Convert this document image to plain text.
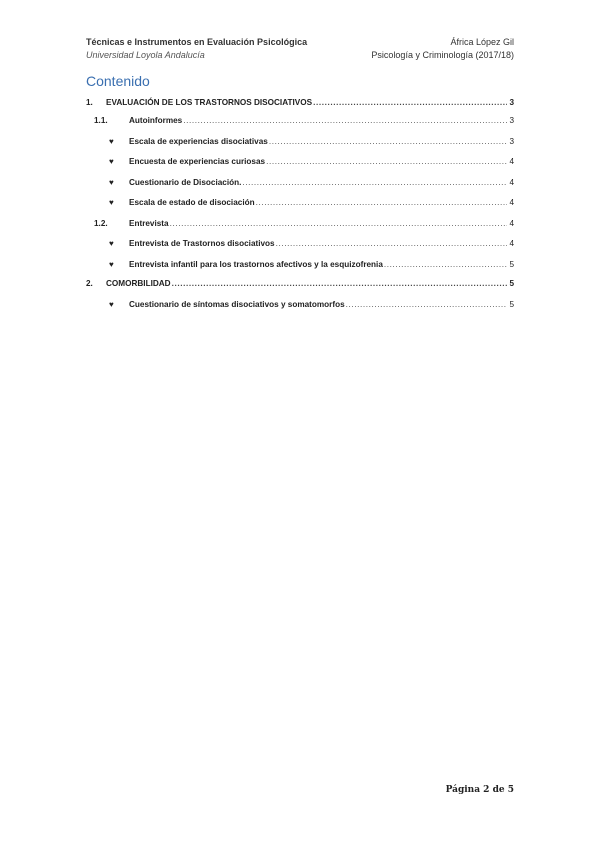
Técnicas e Instrumentos en Evaluación Psicológica	África López Gil
Universidad Loyola Andalucía	Psicología y Criminología (2017/18)
Contenido
1.	EVALUACIÓN DE LOS TRASTORNOS DISOCIATIVOS .....	3
1.1.	Autoinformes .....	3
♥	Escala de experiencias disociativas .....	3
♥	Encuesta de experiencias curiosas .....	4
♥	Cuestionario de Disociación. .....	4
♥	Escala de estado de disociación .....	4
1.2.	Entrevista .....	4
♥	Entrevista de Trastornos disociativos .....	4
♥	Entrevista infantil para los trastornos afectivos y la esquizofrenia .....	5
2.	COMORBILIDAD .....	5
♥	Cuestionario de síntomas disociativos y somatomorfos .....	5
Página 2 de 5
